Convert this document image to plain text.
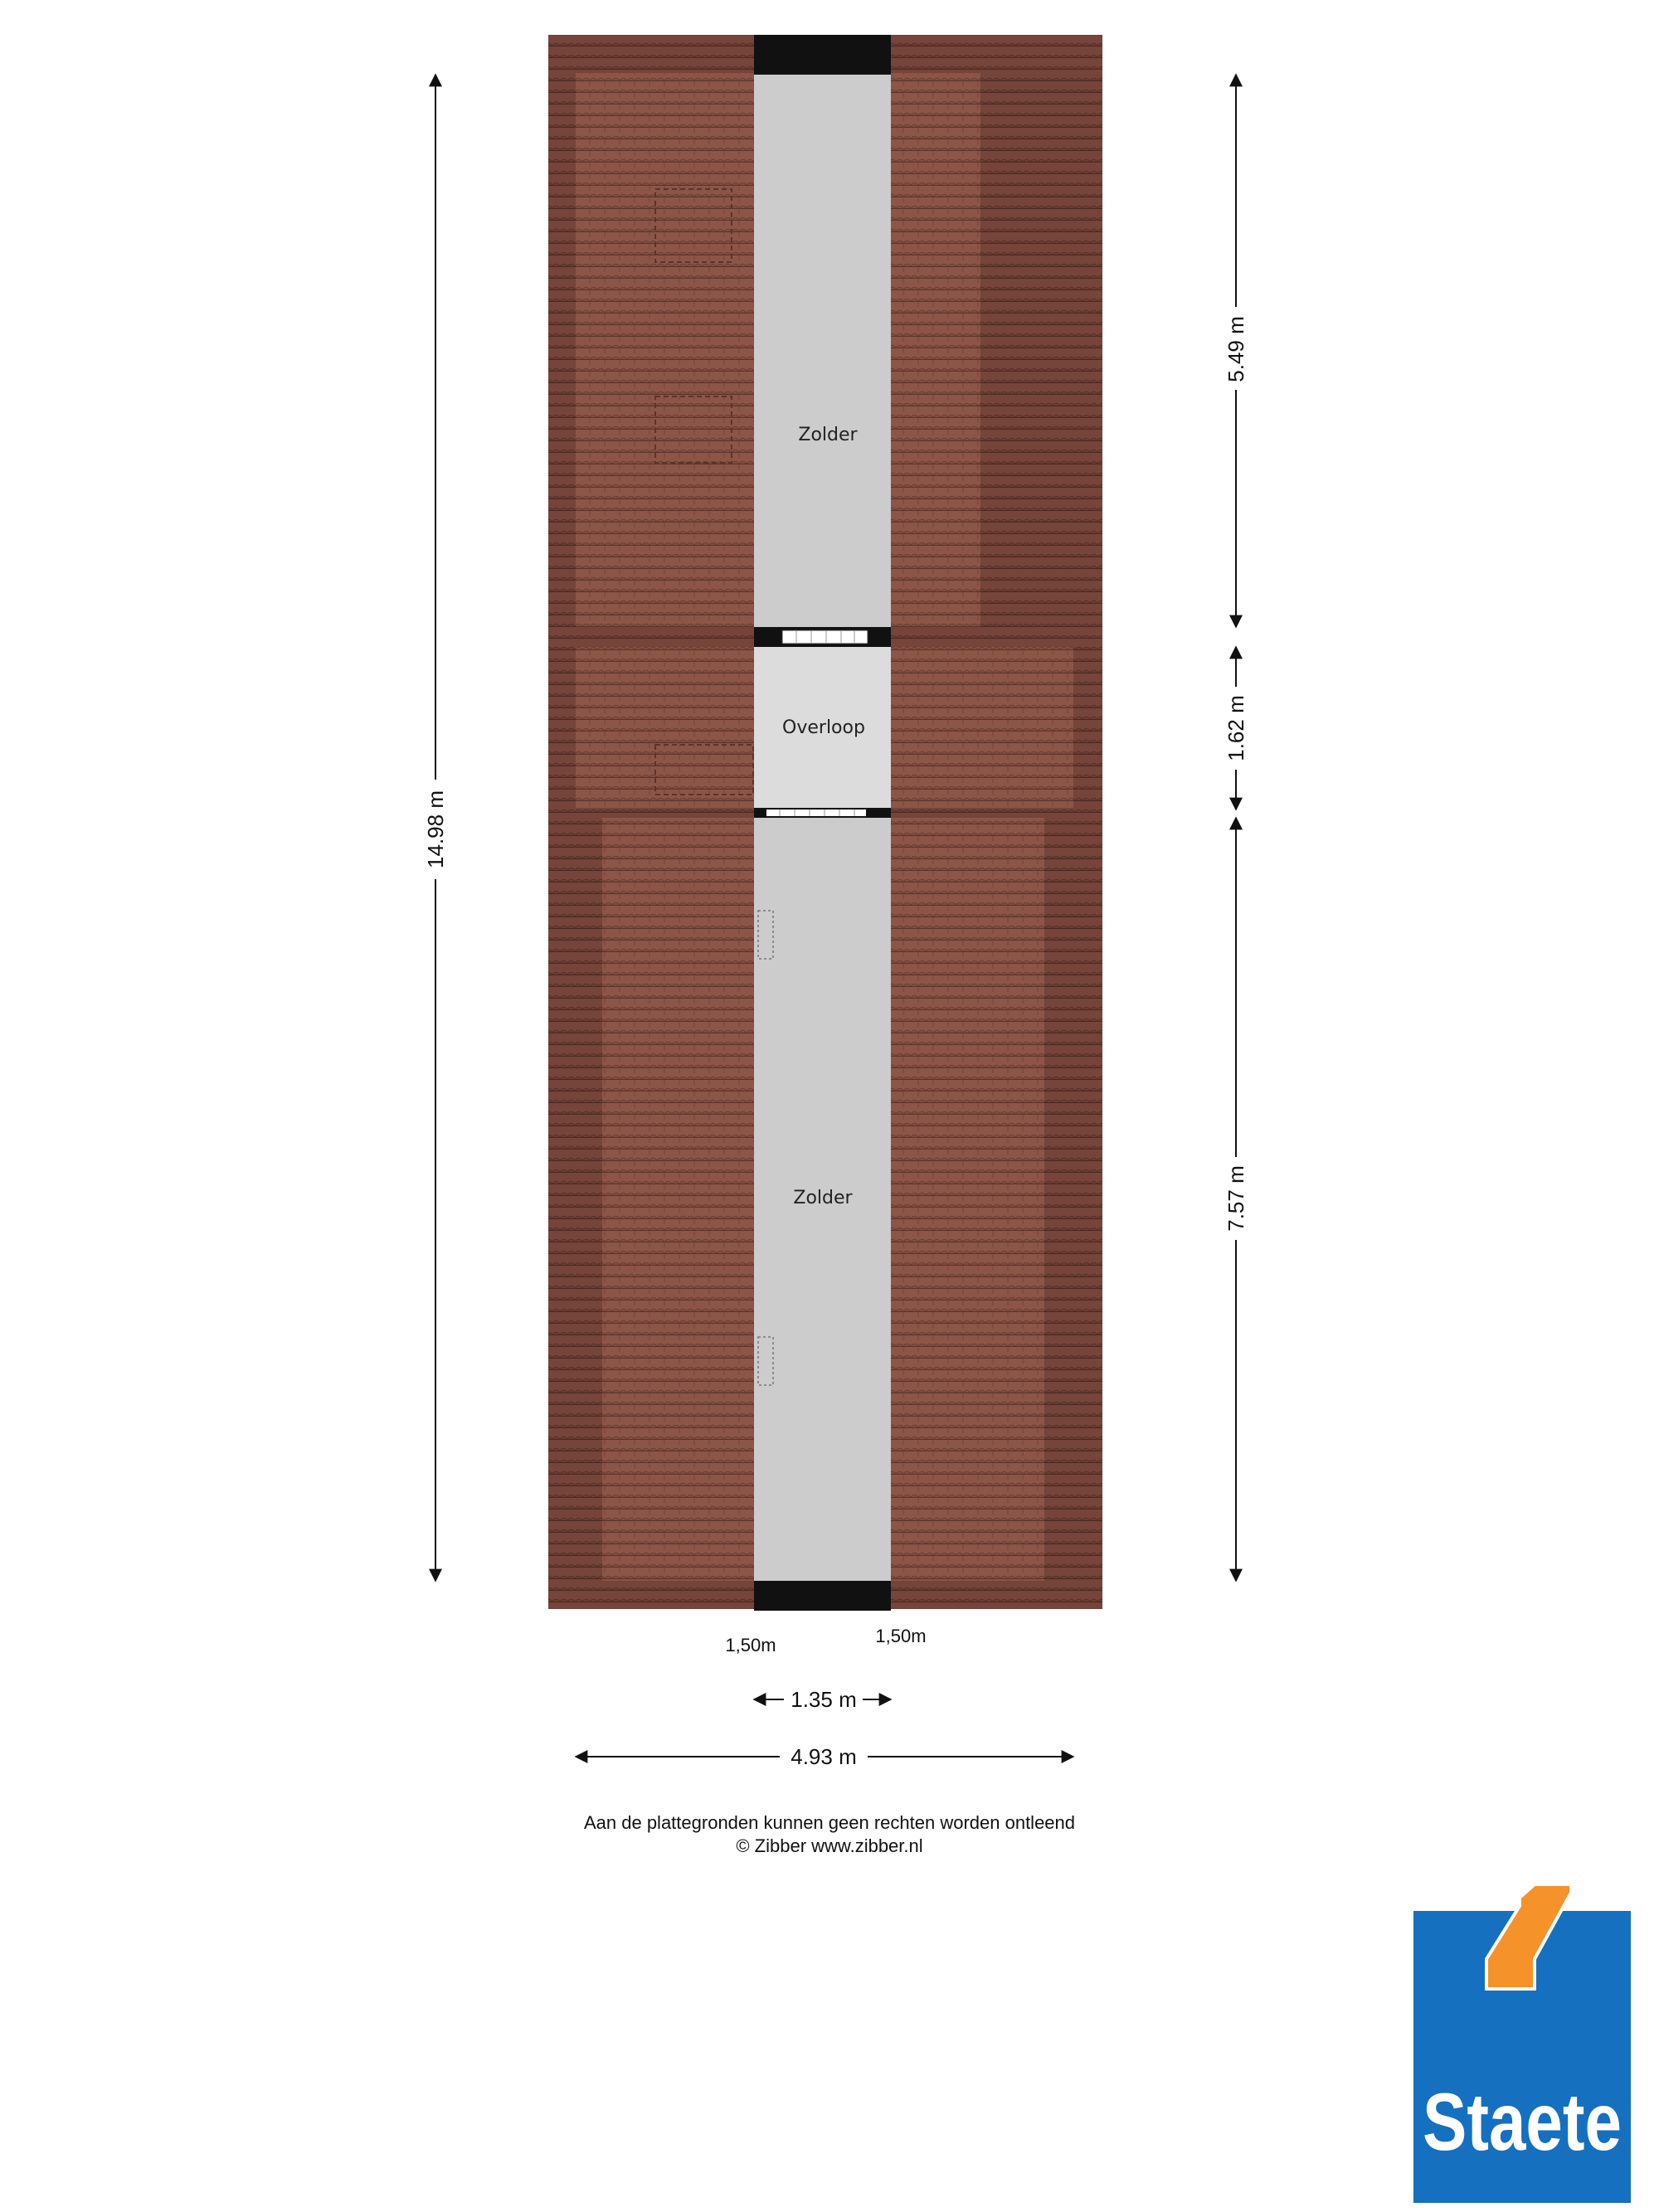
Zolder
Overloop
Zolder
14.98 m
5.49 m
1.62 m
7.57 m
1,50m	1,50m
1.35 m
4.93 m
Aan de plattegronden kunnen geen rechten worden ontleend
© Zibber www.zibber.nl
Staete
